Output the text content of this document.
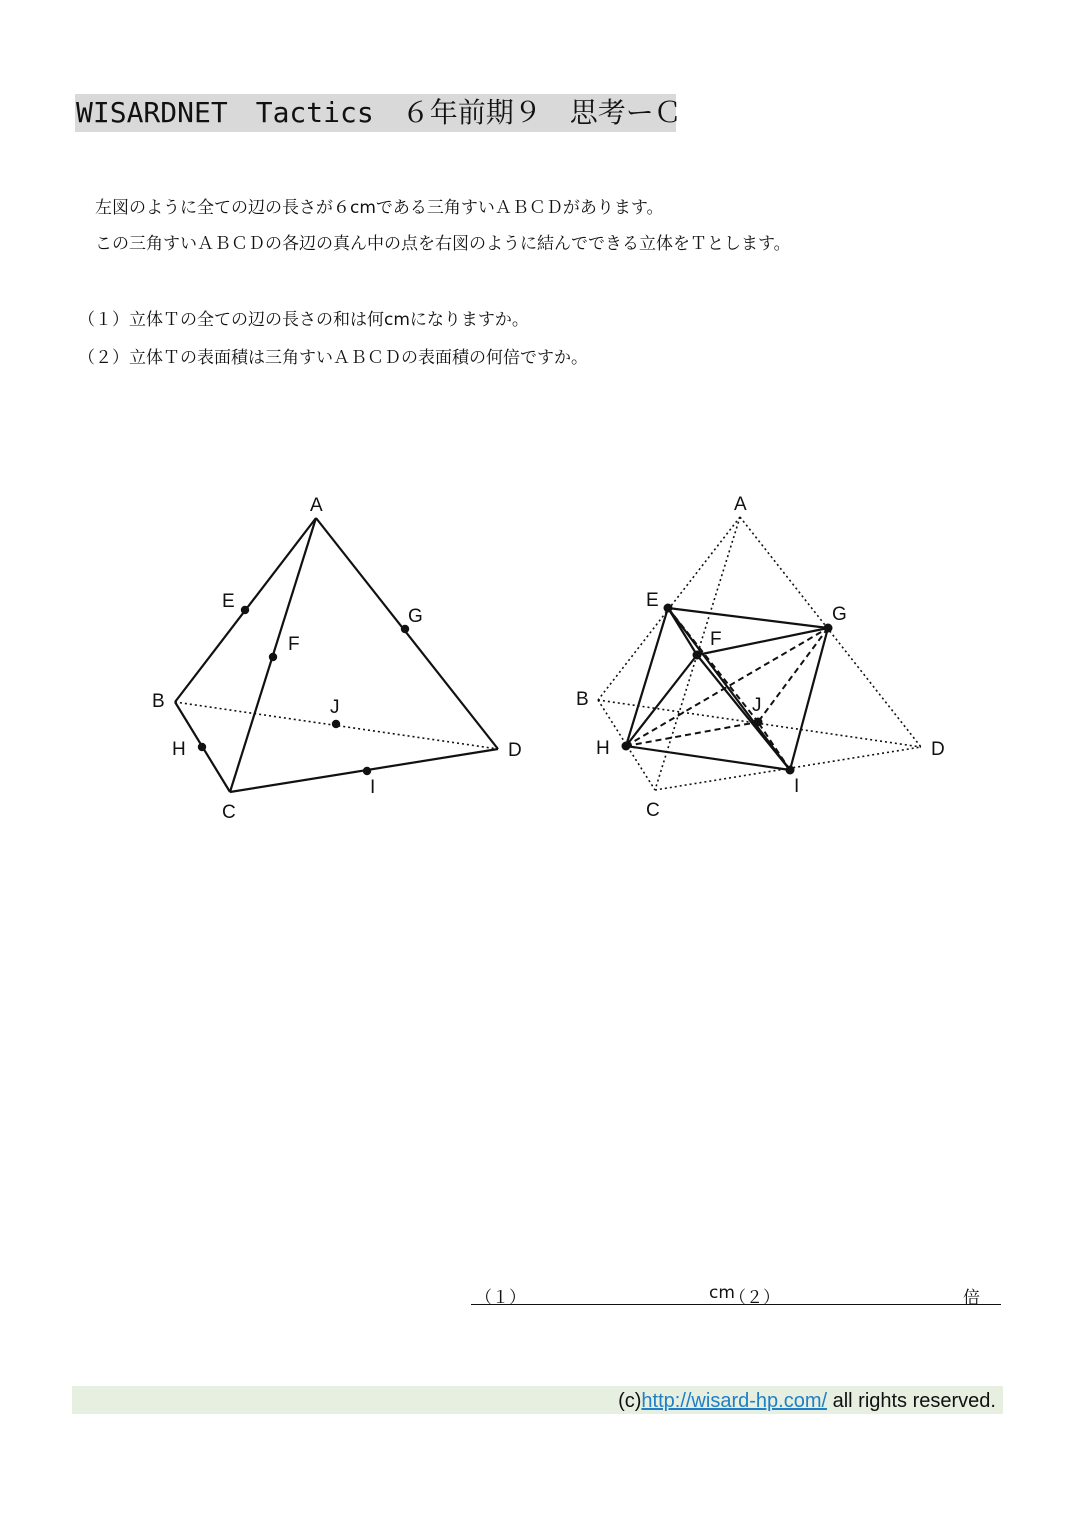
WISARDNET　Tactics　６年前期９　思考ーＣ
左図のように全ての辺の長さが６cmである三角すいＡＢＣＤがあります。
この三角すいＡＢＣＤの各辺の真ん中の点を右図のように結んでできる立体をＴとします。
（１）立体Ｔの全ての辺の長さの和は何cmになりますか。
（２）立体Ｔの表面積は三角すいＡＢＣＤの表面積の何倍ですか。
A
B
C
D
E
F
G
H
I
J
A
B
C
D
E
F
G
H
I
J
（１）	cm
（２）	倍
(c)http://wisard-hp.com/ all rights reserved.
